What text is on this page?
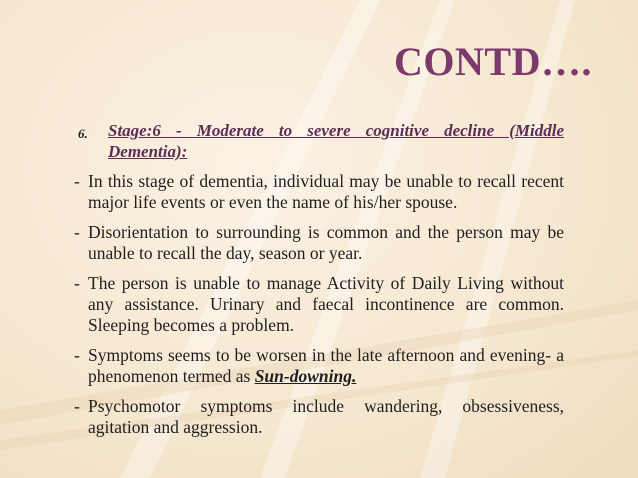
CONTD….
6. Stage:6 - Moderate to severe cognitive decline (Middle Dementia):
- In this stage of dementia, individual may be unable to recall recent major life events or even the name of his/her spouse.
- Disorientation to surrounding is common and the person may be unable to recall the day, season or year.
- The person is unable to manage Activity of Daily Living without any assistance. Urinary and faecal incontinence are common. Sleeping becomes a problem.
- Symptoms seems to be worsen in the late afternoon and evening- a phenomenon termed as Sun-downing.
- Psychomotor symptoms include wandering, obsessiveness, agitation and aggression.
